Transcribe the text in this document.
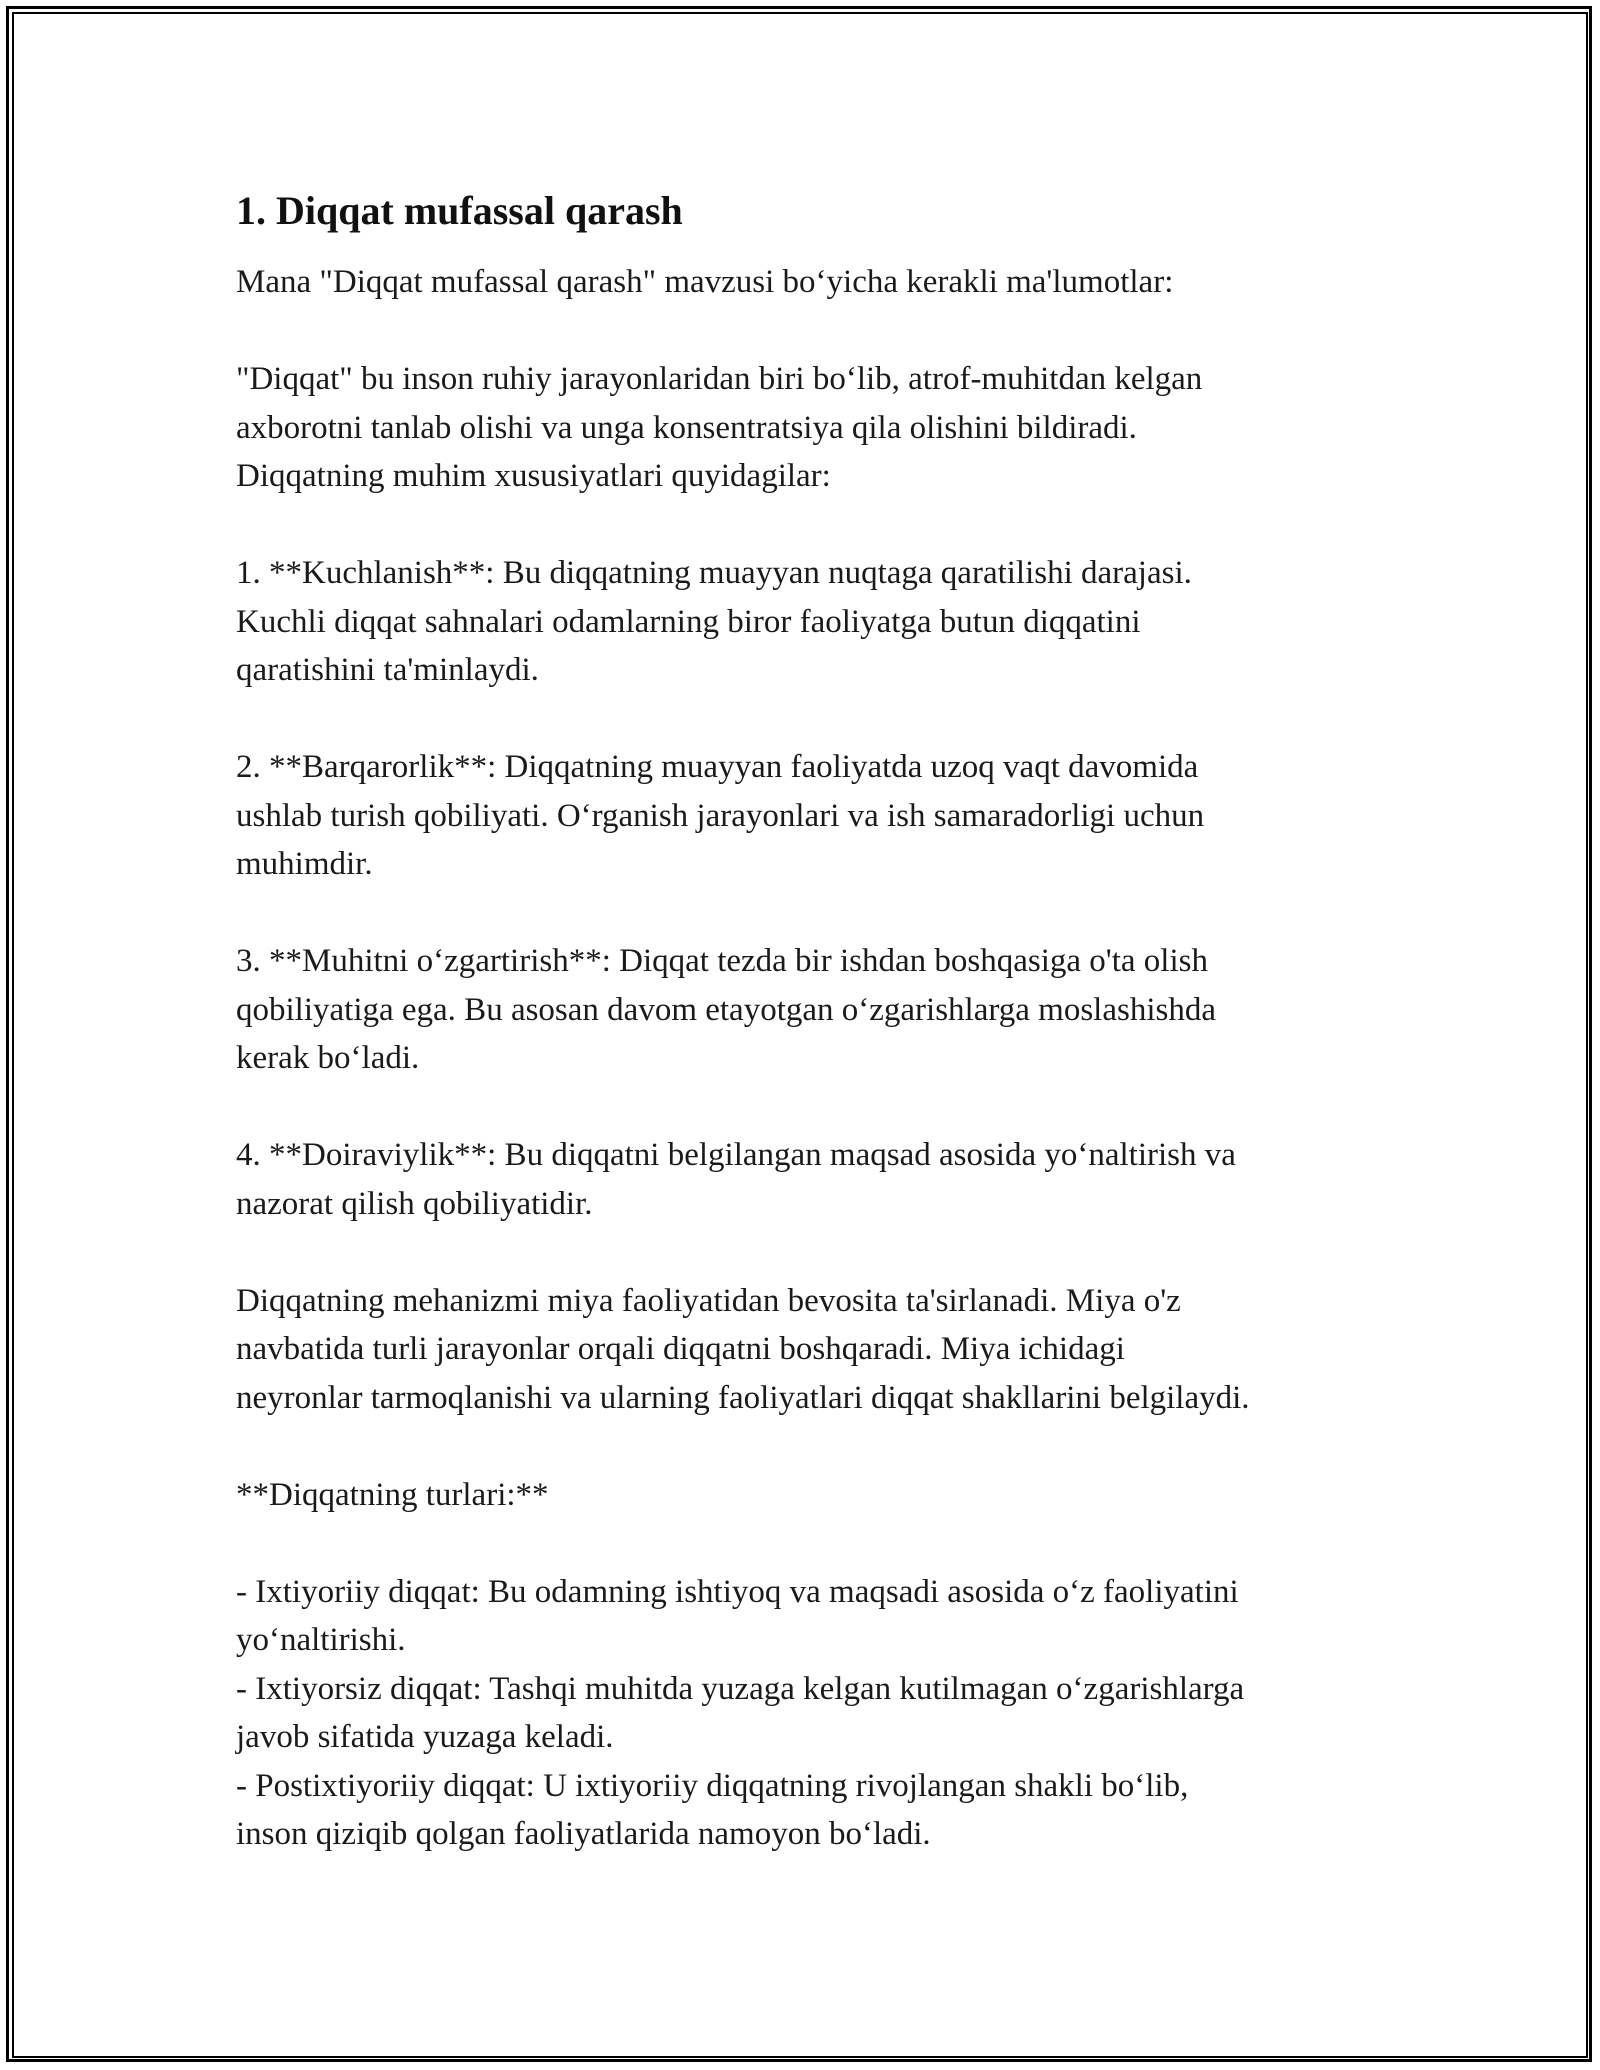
1. Diqqat mufassal qarash
Mana "Diqqat mufassal qarash" mavzusi bo‘yicha kerakli ma'lumotlar:
"Diqqat" bu inson ruhiy jarayonlaridan biri bo‘lib, atrof-muhitdan kelgan
axborotni tanlab olishi va unga konsentratsiya qila olishini bildiradi.
Diqqatning muhim xususiyatlari quyidagilar:
1. **Kuchlanish**: Bu diqqatning muayyan nuqtaga qaratilishi darajasi.
Kuchli diqqat sahnalari odamlarning biror faoliyatga butun diqqatini
qaratishini ta'minlaydi.
2. **Barqarorlik**: Diqqatning muayyan faoliyatda uzoq vaqt davomida
ushlab turish qobiliyati. O‘rganish jarayonlari va ish samaradorligi uchun
muhimdir.
3. **Muhitni o‘zgartirish**: Diqqat tezda bir ishdan boshqasiga o'ta olish
qobiliyatiga ega. Bu asosan davom etayotgan o‘zgarishlarga moslashishda
kerak bo‘ladi.
4. **Doiraviylik**: Bu diqqatni belgilangan maqsad asosida yo‘naltirish va
nazorat qilish qobiliyatidir.
Diqqatning mehanizmi miya faoliyatidan bevosita ta'sirlanadi. Miya o'z
navbatida turli jarayonlar orqali diqqatni boshqaradi. Miya ichidagi
neyronlar tarmoqlanishi va ularning faoliyatlari diqqat shakllarini belgilaydi.
**Diqqatning turlari:**
- Ixtiyoriiy diqqat: Bu odamning ishtiyoq va maqsadi asosida o‘z faoliyatini
yo‘naltirishi.
- Ixtiyorsiz diqqat: Tashqi muhitda yuzaga kelgan kutilmagan o‘zgarishlarga
javob sifatida yuzaga keladi.
- Postixtiyoriiy diqqat: U ixtiyoriiy diqqatning rivojlangan shakli bo‘lib,
inson qiziqib qolgan faoliyatlarida namoyon bo‘ladi.
